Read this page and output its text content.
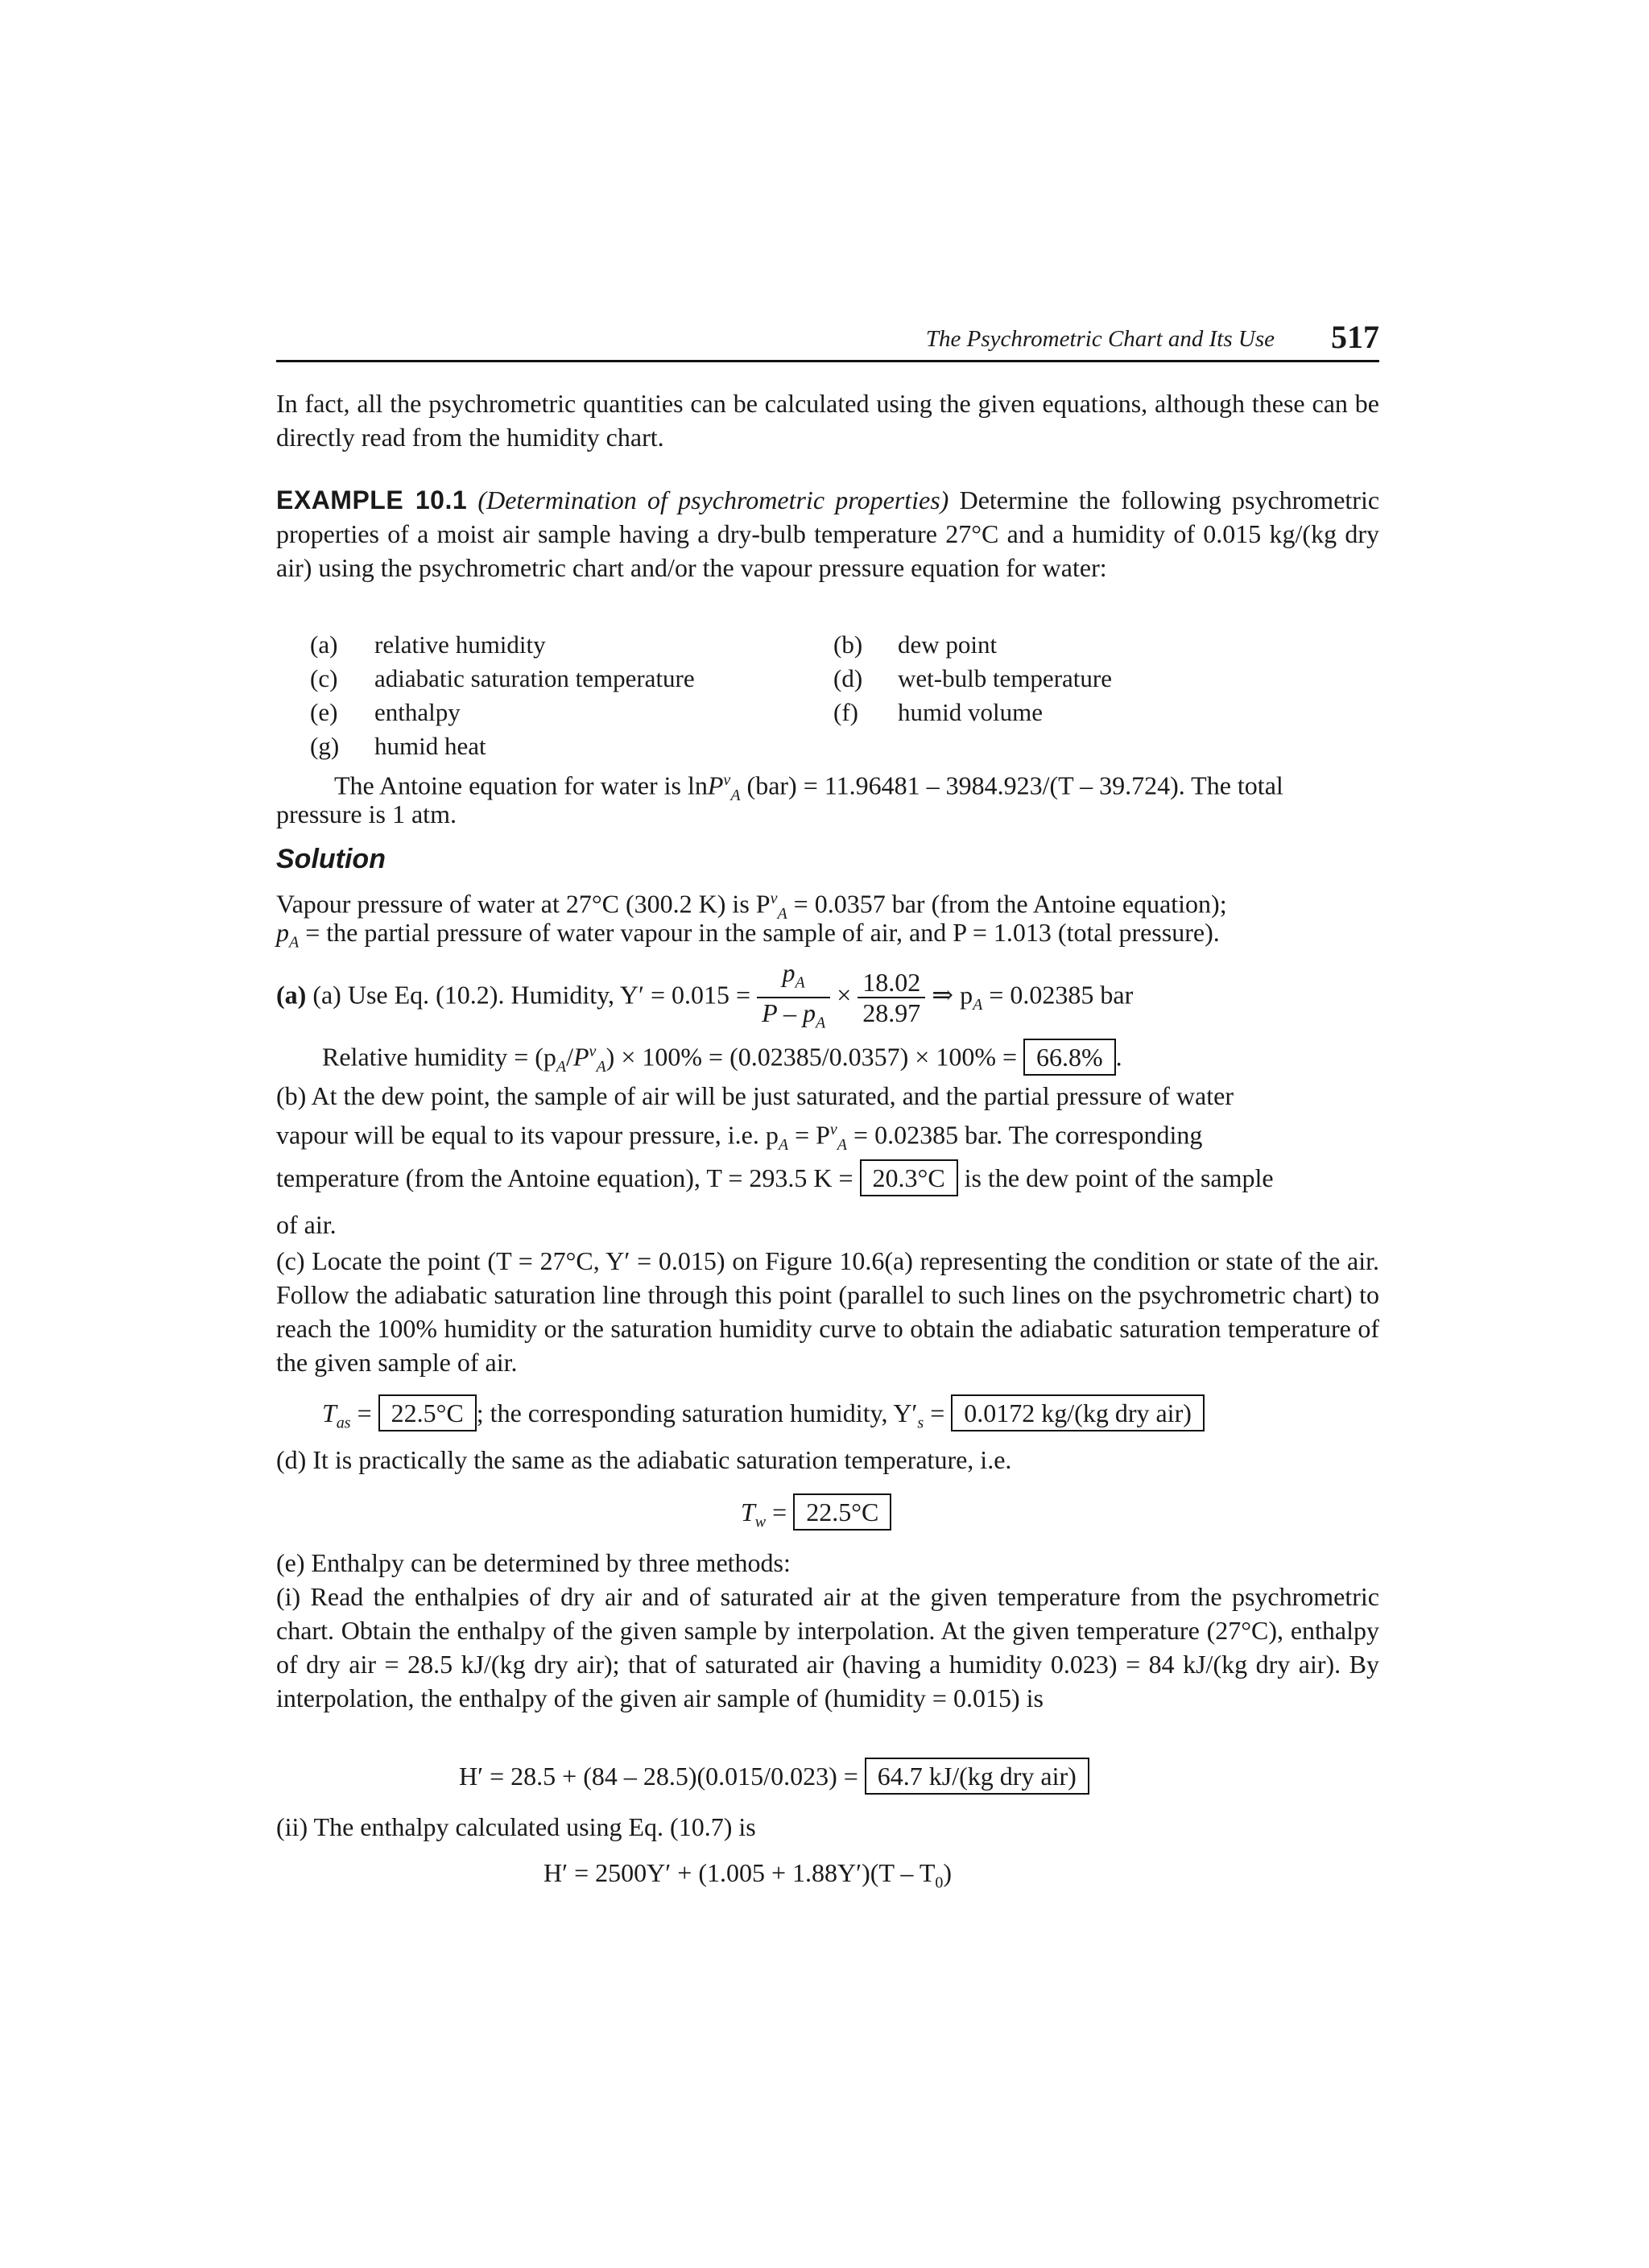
The Psychrometric Chart and Its Use 517

In fact, all the psychrometric quantities can be calculated using the given equations, although these can be directly read from the humidity chart.

EXAMPLE 10.1 (Determination of psychrometric properties) Determine the following psychrometric properties of a moist air sample having a dry-bulb temperature 27°C and a humidity of 0.015 kg/(kg dry air) using the psychrometric chart and/or the vapour pressure equation for water:

(a) relative humidity	(b) dew point
(c) adiabatic saturation temperature	(d) wet-bulb temperature
(e) enthalpy	(f) humid volume
(g) humid heat
The Antoine equation for water is lnP$^v_A$ (bar) = 11.96481 – 3984.923/(T – 39.724). The total
pressure is 1 atm.
Solution
Vapour pressure of water at 27°C (300.2 K) is $P^v_A = 0.0357$ bar (from the Antoine equation);
$p_A$ = the partial pressure of water vapour in the sample of air, and P = 1.013 (total pressure).
(a) (a) Use Eq. (10.2). Humidity, $Y' = 0.015 = \frac{p_A}{P - p_A} \times \frac{18.02}{28.97}$ ⇒ $p_A = 0.02385$ bar
Relative humidity = $(p_A/P^v_A) \times 100\% = (0.02385/0.0357) \times 100\% = 66.8\%$ .
(b) At the dew point, the sample of air will be just saturated, and the partial pressure of water
vapour will be equal to its vapour pressure, i.e. $p_A = P^v_A = 0.02385$ bar. The corresponding
temperature (from the Antoine equation), T = 293.5 K = 20.3°C is the dew point of the sample
of air.

(c) Locate the point (T = 27°C, Y′ = 0.015) on Figure 10.6(a) representing the condition or state of the air. Follow the adiabatic saturation line through this point (parallel to such lines on the psychrometric chart) to reach the 100% humidity or the saturation humidity curve to obtain the adiabatic saturation temperature of the given sample of air.

$T_{as} = 22.5^\circ C$ ; the corresponding saturation humidity, $Y'_s = 0.0172$ kg/(kg dry air)
(d) It is practically the same as the adiabatic saturation temperature, i.e.
$T_w = 22.5^\circ C$
(e) Enthalpy can be determined by three methods:

(i) Read the enthalpies of dry air and of saturated air at the given temperature from the psychrometric chart. Obtain the enthalpy of the given sample by interpolation. At the given temperature (27°C), enthalpy of dry air = 28.5 kJ/(kg dry air); that of saturated air (having a humidity 0.023) = 84 kJ/(kg dry air). By interpolation, the enthalpy of the given air sample of (humidity = 0.015) is

H′ = 28.5 + (84 – 28.5)(0.015/0.023) = 64.7 kJ/(kg dry air)
(ii) The enthalpy calculated using Eq. (10.7) is
$H' = 2500Y' + (1.005 + 1.88Y')(T - T_0)$
